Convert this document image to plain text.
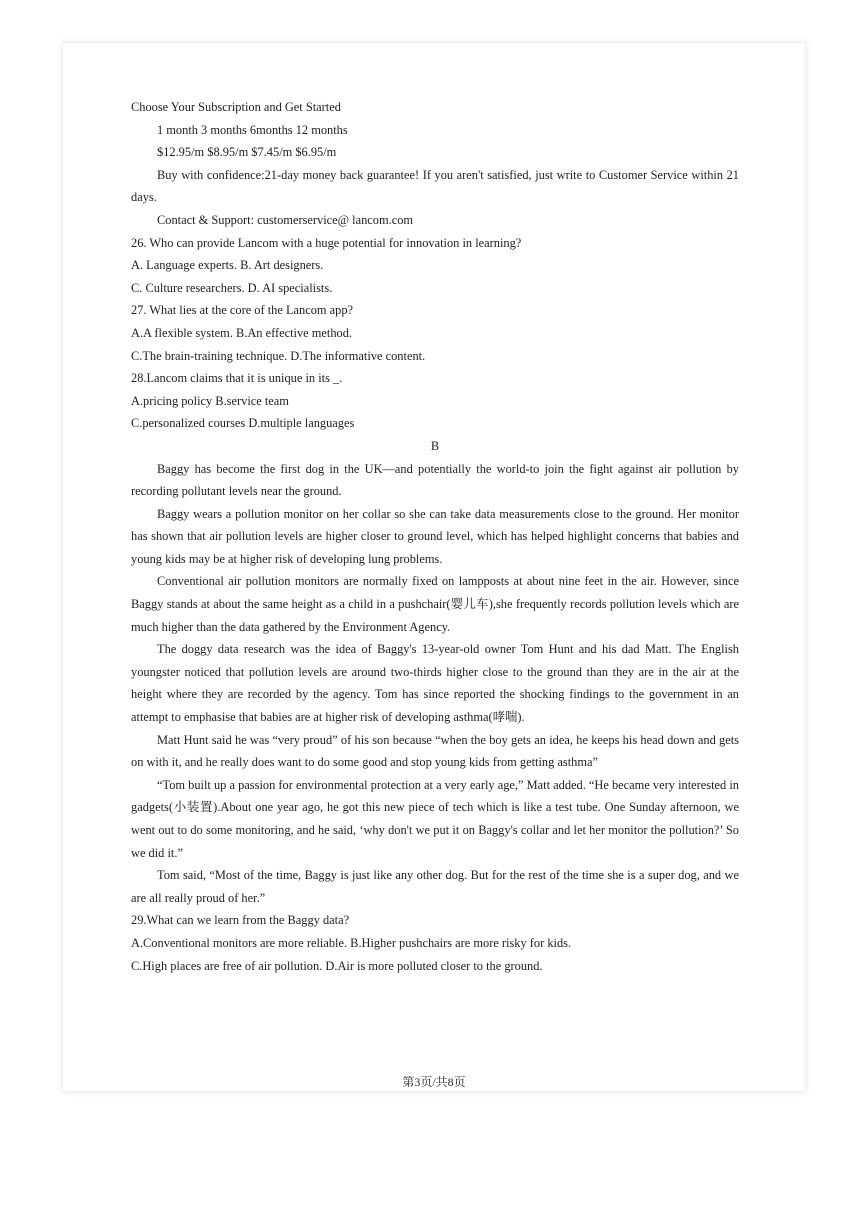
Choose Your Subscription and Get Started
1 month 3 months 6months 12 months
$12.95/m $8.95/m $7.45/m $6.95/m
Buy with confidence:21-day money back guarantee! If you aren't satisfied, just write to Customer Service within 21 days.
Contact & Support: customerservice@ lancom.com
26. Who can provide Lancom with a huge potential for innovation in learning?
A. Language experts. B. Art designers.
C. Culture researchers. D. AI specialists.
27. What lies at the core of the Lancom app?
A.A flexible system. B.An effective method.
C.The brain-training technique. D.The informative content.
28.Lancom claims that it is unique in its _.
A.pricing policy B.service team
C.personalized courses D.multiple languages
B
Baggy has become the first dog in the UK—and potentially the world-to join the fight against air pollution by recording pollutant levels near the ground.
Baggy wears a pollution monitor on her collar so she can take data measurements close to the ground. Her monitor has shown that air pollution levels are higher closer to ground level, which has helped highlight concerns that babies and young kids may be at higher risk of developing lung problems.
Conventional air pollution monitors are normally fixed on lampposts at about nine feet in the air. However, since Baggy stands at about the same height as a child in a pushchair(婴儿车),she frequently records pollution levels which are much higher than the data gathered by the Environment Agency.
The doggy data research was the idea of Baggy's 13-year-old owner Tom Hunt and his dad Matt. The English youngster noticed that pollution levels are around two-thirds higher close to the ground than they are in the air at the height where they are recorded by the agency. Tom has since reported the shocking findings to the government in an attempt to emphasise that babies are at higher risk of developing asthma(哮喘).
Matt Hunt said he was “very proud” of his son because “when the boy gets an idea, he keeps his head down and gets on with it, and he really does want to do some good and stop young kids from getting asthma”
“Tom built up a passion for environmental protection at a very early age,” Matt added. “He became very interested in gadgets(小装置).About one year ago, he got this new piece of tech which is like a test tube. One Sunday afternoon, we went out to do some monitoring, and he said, ‘why don't we put it on Baggy's collar and let her monitor the pollution?’ So we did it.”
Tom said, “Most of the time, Baggy is just like any other dog. But for the rest of the time she is a super dog, and we are all really proud of her.”
29.What can we learn from the Baggy data?
A.Conventional monitors are more reliable. B.Higher pushchairs are more risky for kids.
C.High places are free of air pollution. D.Air is more polluted closer to the ground.
第3页/共8页
